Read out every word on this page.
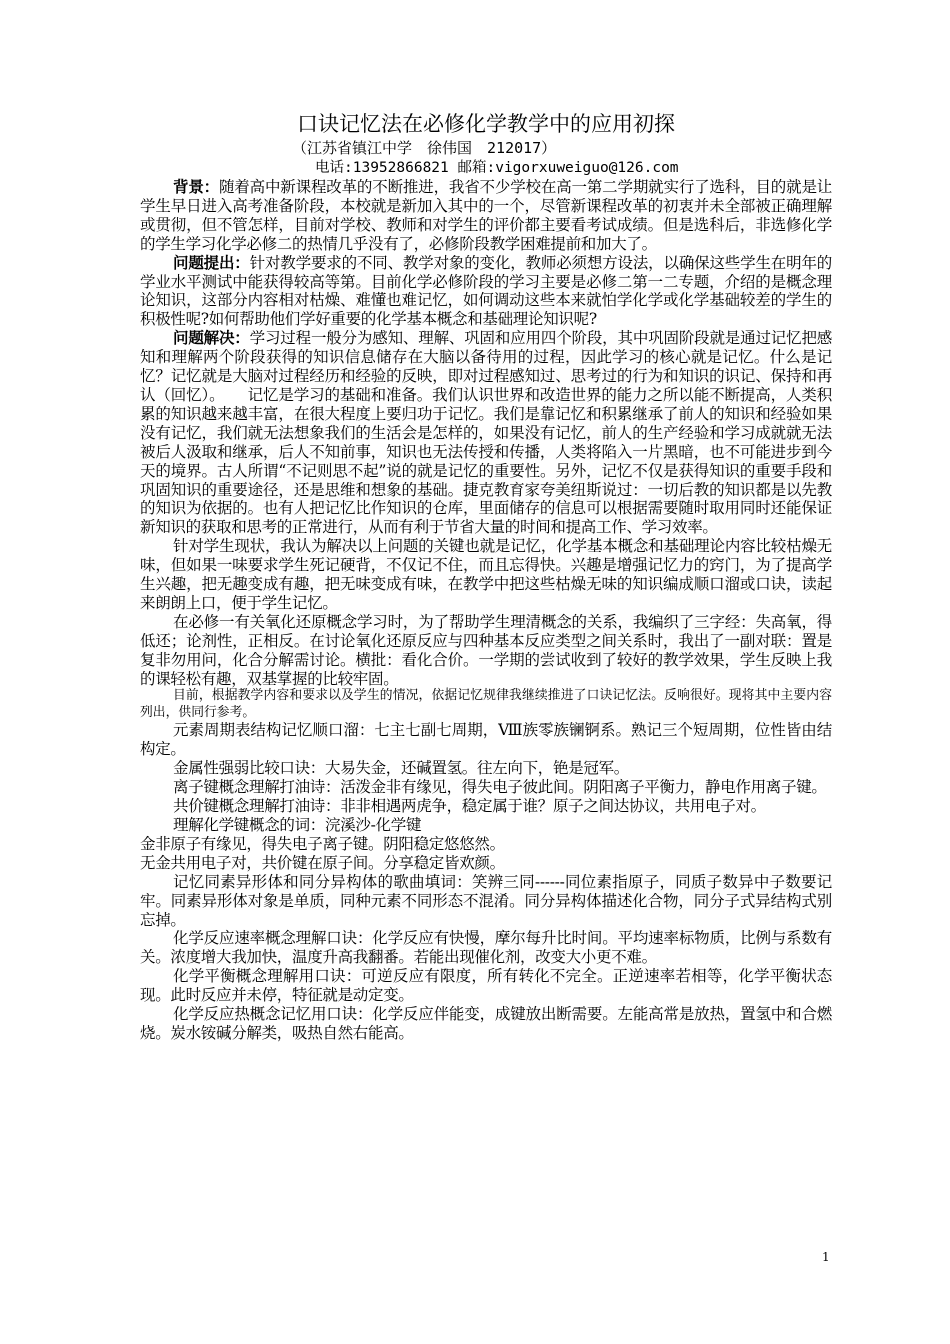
口诀记忆法在必修化学教学中的应用初探
（江苏省镇江中学　徐伟国　212017）
电话:13952866821 邮箱:vigorxuweiguo@126.com

背景：随着高中新课程改革的不断推进，我省不少学校在高一第二学期就实行了选科，目的就是让学生早日进入高考准备阶段，本校就是新加入其中的一个，尽管新课程改革的初衷并未全部被正确理解或贯彻，但不管怎样，目前对学校、教师和对学生的评价都主要看考试成绩。但是选科后，非选修化学的学生学习化学必修二的热情几乎没有了，必修阶段教学困难提前和加大了。

问题提出：针对教学要求的不同、教学对象的变化，教师必须想方设法，以确保这些学生在明年的学业水平测试中能获得较高等第。目前化学必修阶段的学习主要是必修二第一二专题，介绍的是概念理论知识，这部分内容相对枯燥、难懂也难记忆，如何调动这些本来就怕学化学或化学基础较差的学生的积极性呢?如何帮助他们学好重要的化学基本概念和基础理论知识呢?

问题解决：学习过程一般分为感知、理解、巩固和应用四个阶段，其中巩固阶段就是通过记忆把感知和理解两个阶段获得的知识信息储存在大脑以备待用的过程，因此学习的核心就是记忆。什么是记忆？记忆就是大脑对过程经历和经验的反映，即对过程感知过、思考过的行为和知识的识记、保持和再认（回忆）。　　记忆是学习的基础和准备。我们认识世界和改造世界的能力之所以能不断提高，人类积累的知识越来越丰富，在很大程度上要归功于记忆。我们是靠记忆和积累继承了前人的知识和经验如果没有记忆，我们就无法想象我们的生活会是怎样的，如果没有记忆，前人的生产经验和学习成就就无法被后人汲取和继承，后人不知前事，知识也无法传授和传播，人类将陷入一片黑暗，也不可能进步到今天的境界。古人所谓“不记则思不起”说的就是记忆的重要性。另外，记忆不仅是获得知识的重要手段和巩固知识的重要途径，还是思维和想象的基础。捷克教育家夸美纽斯说过：一切后教的知识都是以先教的知识为依据的。也有人把记忆比作知识的仓库，里面储存的信息可以根据需要随时取用同时还能保证新知识的获取和思考的正常进行，从而有利于节省大量的时间和提高工作、学习效率。

针对学生现状，我认为解决以上问题的关键也就是记忆，化学基本概念和基础理论内容比较枯燥无味，但如果一味要求学生死记硬背，不仅记不住，而且忘得快。兴趣是增强记忆力的窍门，为了提高学生兴趣，把无趣变成有趣，把无味变成有味，在教学中把这些枯燥无味的知识编成顺口溜或口诀，读起来朗朗上口，便于学生记忆。

在必修一有关氧化还原概念学习时，为了帮助学生理清概念的关系，我编织了三字经：失高氧，得低还；论剂性，正相反。在讨论氧化还原反应与四种基本反应类型之间关系时，我出了一副对联：置是复非勿用问，化合分解需讨论。横批：看化合价。一学期的尝试收到了较好的教学效果，学生反映上我的课轻松有趣，双基掌握的比较牢固。

目前，根据教学内容和要求以及学生的情况，依据记忆规律我继续推进了口诀记忆法。反响很好。现将其中主要内容列出，供同行参考。

元素周期表结构记忆顺口溜：七主七副七周期，Ⅷ族零族镧锕系。熟记三个短周期，位性皆由结构定。

金属性强弱比较口诀：大易失金，还碱置氢。往左向下，铯是冠军。

离子键概念理解打油诗：活泼金非有缘见，得失电子彼此间。阴阳离子平衡力，静电作用离子键。

共价键概念理解打油诗：非非相遇两虎争，稳定属于谁？原子之间达协议，共用电子对。

理解化学键概念的词：浣溪沙-化学键

金非原子有缘见，得失电子离子键。阴阳稳定悠悠然。

无金共用电子对，共价键在原子间。分享稳定皆欢颜。

记忆同素异形体和同分异构体的歌曲填词：笑辨三同------同位素指原子，同质子数异中子数要记牢。同素异形体对象是单质，同种元素不同形态不混淆。同分异构体描述化合物，同分子式异结构式别忘掉。

化学反应速率概念理解口诀：化学反应有快慢，摩尔每升比时间。平均速率标物质，比例与系数有关。浓度增大我加快，温度升高我翻番。若能出现催化剂，改变大小更不难。

化学平衡概念理解用口诀：可逆反应有限度，所有转化不完全。正逆速率若相等，化学平衡状态现。此时反应并未停，特征就是动定变。

化学反应热概念记忆用口诀：化学反应伴能变，成键放出断需要。左能高常是放热，置氢中和合燃烧。炭水铵碱分解类，吸热自然右能高。

1
